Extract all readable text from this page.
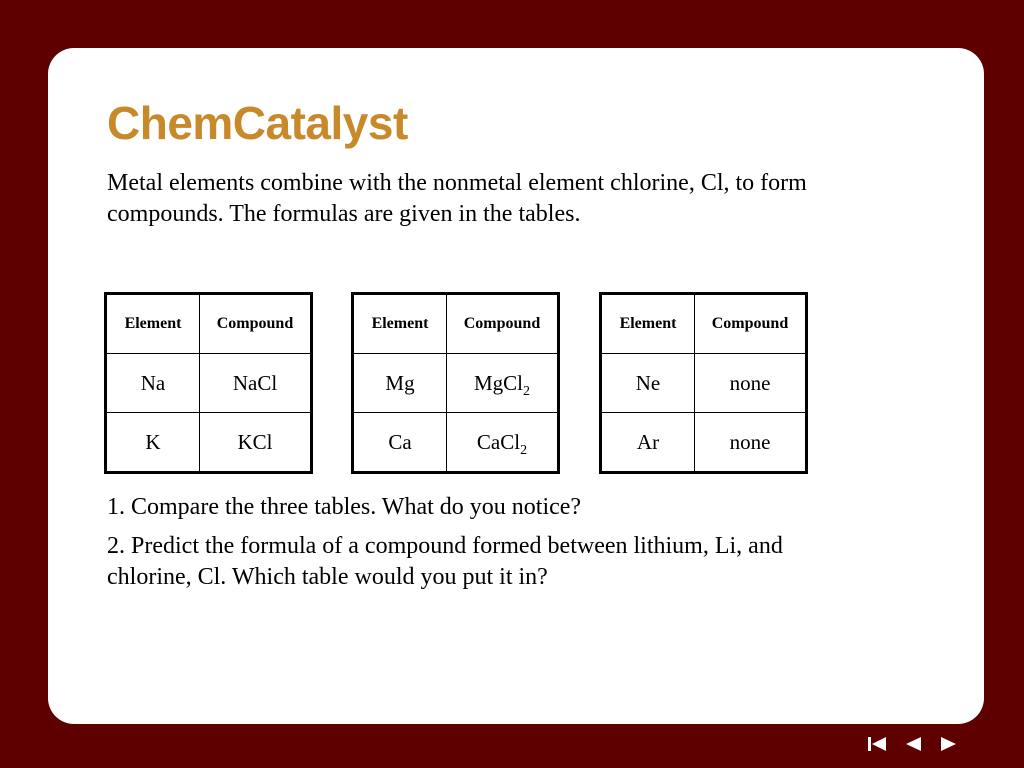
ChemCatalyst

Metal elements combine with the nonmetal element chlorine, Cl, to form compounds. The formulas are given in the tables.

Element	Compound
Na	NaCl
K	KCl
Element	Compound
Mg	MgCl$_2$
Ca	CaCl$_2$
Element	Compound
Ne	none
Ar	none

1. Compare the three tables. What do you notice?

2. Predict the formula of a compound formed between lithium, Li, and chlorine, Cl. Which table would you put it in?
